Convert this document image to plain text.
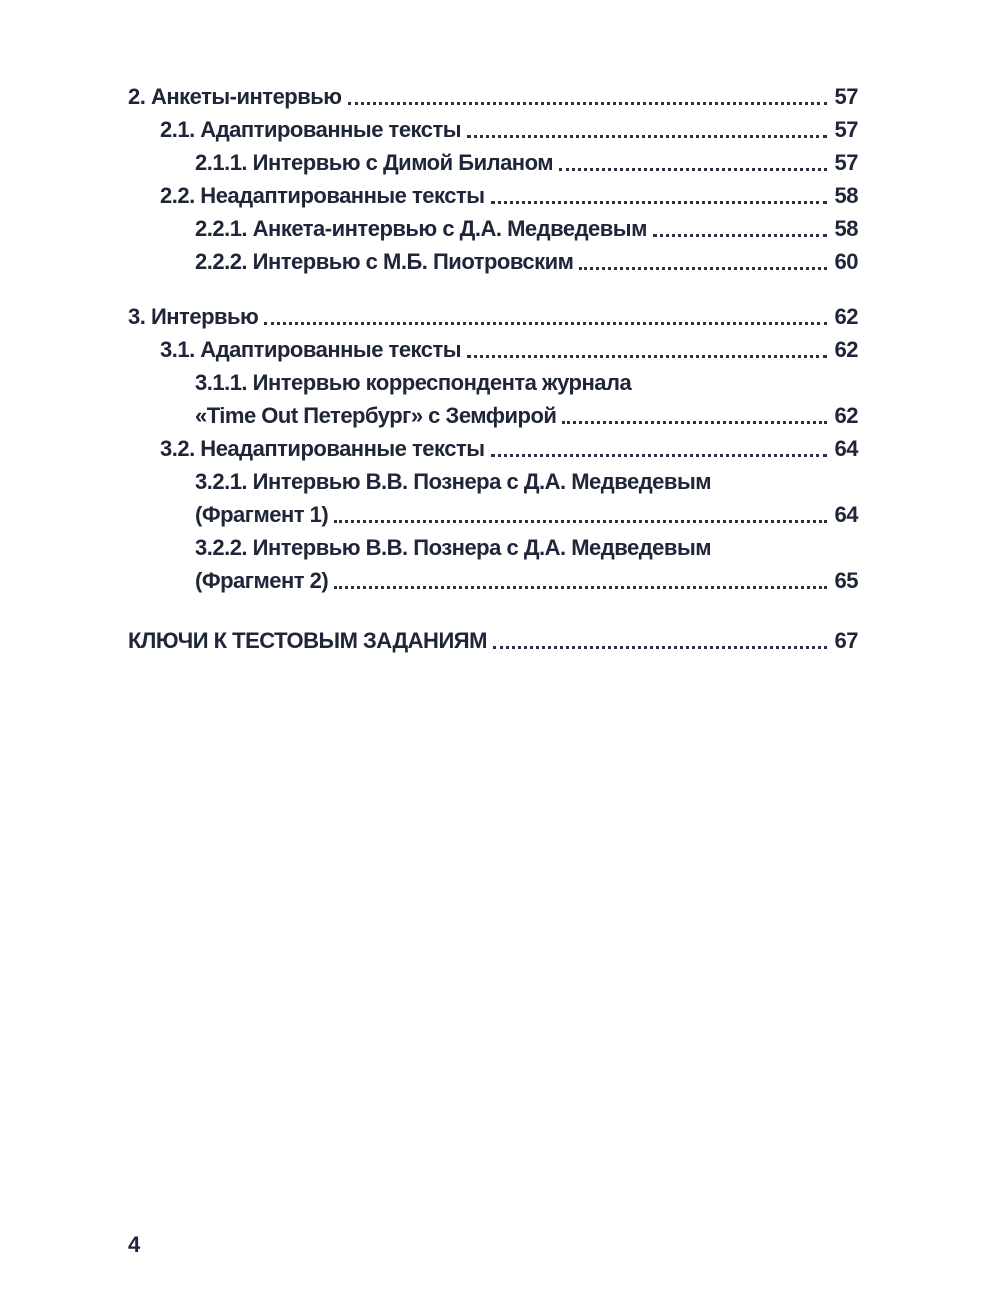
2. Анкеты-интервью	57
2.1. Адаптированные тексты	57
2.1.1. Интервью с Димой Биланом	57
2.2. Неадаптированные тексты	58
2.2.1. Анкета-интервью с Д.А. Медведевым	58
2.2.2. Интервью с М.Б. Пиотровским	60
3. Интервью	62
3.1. Адаптированные тексты	62
3.1.1. Интервью корреспондента журнала
«Time Out Петербург» с Земфирой	62
3.2. Неадаптированные тексты	64
3.2.1. Интервью В.В. Познера с Д.А. Медведевым
(Фрагмент 1)	64
3.2.2. Интервью В.В. Познера с Д.А. Медведевым
(Фрагмент 2)	65
КЛЮЧИ К ТЕСТОВЫМ ЗАДАНИЯМ	67
4
